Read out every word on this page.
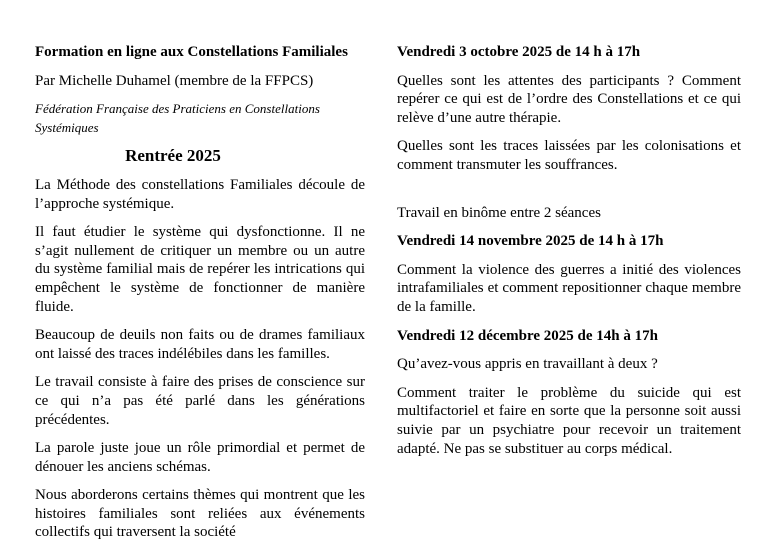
Formation en ligne aux Constellations Familiales

Par Michelle Duhamel (membre de la FFPCS)

Fédération Française des Praticiens en Constellations Systémiques

Rentrée 2025

La Méthode des constellations Familiales découle de l’approche systémique.

Il faut étudier le système qui dysfonctionne. Il ne s’agit nullement de critiquer un membre ou un autre du système familial mais de repérer les intrications qui empêchent le système de fonctionner de manière fluide.

Beaucoup de deuils non faits ou de drames familiaux ont laissé des traces indélébiles dans les familles.

Le travail consiste à faire des prises de conscience sur ce qui n’a pas été parlé dans les générations précédentes.

La parole juste joue un rôle primordial et permet de dénouer les anciens schémas.

Nous aborderons certains thèmes qui montrent que les histoires familiales sont reliées aux événements collectifs qui traversent la société

Vendredi 3 octobre 2025 de 14 h à 17h

Quelles sont les attentes des participants ? Comment repérer ce qui est de l’ordre des Constellations et ce qui relève d’une autre thérapie.

Quelles sont les traces laissées par les colonisations et comment transmuter les souffrances.

Travail en binôme entre 2 séances

Vendredi 14 novembre 2025 de 14 h à 17h

Comment la violence des guerres a initié des violences intrafamiliales et comment repositionner chaque membre de la famille.

Vendredi 12 décembre 2025 de 14h à 17h

Qu’avez-vous appris en travaillant à deux ?

Comment traiter le problème du suicide qui est multifactoriel et faire en sorte que la personne soit aussi suivie par un psychiatre pour recevoir un traitement adapté. Ne pas se substituer au corps médical.
